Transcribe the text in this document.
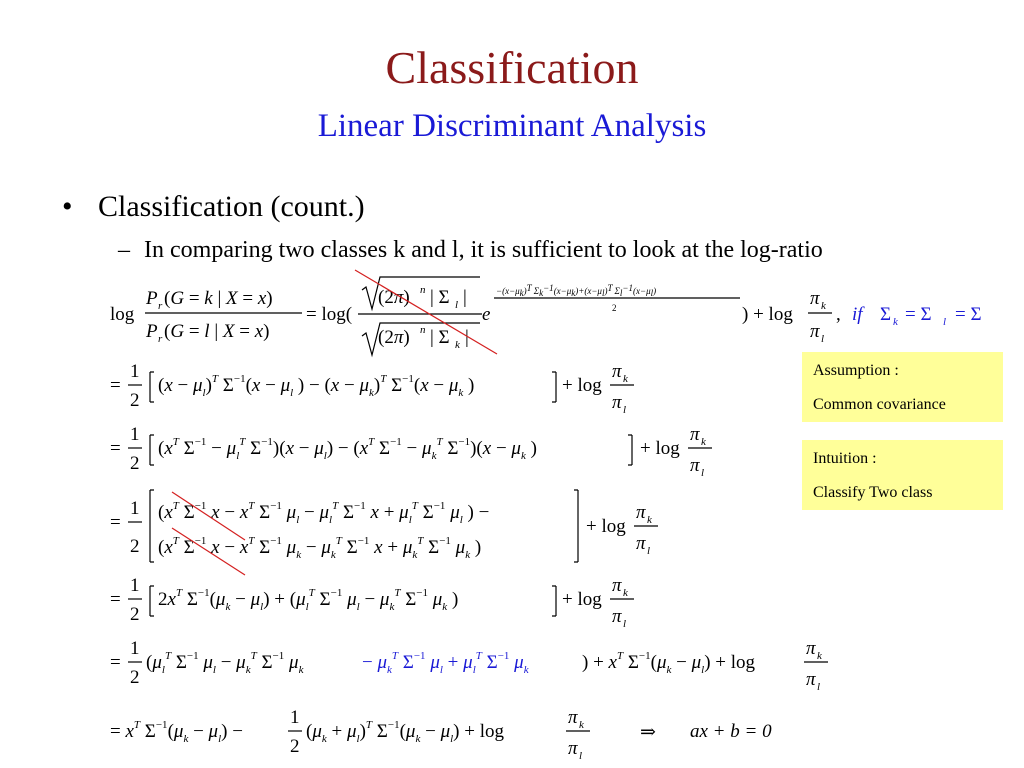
Classification
Linear Discriminant Analysis
• Classification (count.)
– In comparing two classes k and l, it is sufficient to look at the log-ratio
Assumption :
Common covariance
Intuition :
Classify Two class
log
P r (G = k | X = x)
P r (G = l | X = x)
= log(
(2π) n | Σ l |
(2π) n | Σ k |
e
−(x−μk)T Σk−1(x−μk)+(x−μl)T Σl−1(x−μl)
2	) + log
π k
π l
, if Σ k = Σ l = Σ
=
1
2
$(x - \mu_l)^T$ $\Sigma^{-1}(x - \mu_l$ ) − $(x - \mu_k)^T$ $\Sigma^{-1}(x - \mu_k$ )	+ log
π k
π l
=
1
2
($x^T$ $\Sigma^{-1} - \mu_l^T$ $\Sigma^{-1})(x - \mu_l) - (x^T$ $\Sigma^{-1} - \mu_k^T$ $\Sigma^{-1})(x - \mu_k$ )	+ log
π k
π l
=
1
2
($x^T$ $\Sigma^{-1}$ $x - x^T$ $\Sigma^{-1}$ $\mu_l - \mu_l^T$ $\Sigma^{-1}$ $x + \mu_l^T$ $\Sigma^{-1}$ $\mu_l$ ) −
($x^T$ $\Sigma^{-1}$ $x - x^T$ $\Sigma^{-1}$ $\mu_k - \mu_k^T$ $\Sigma^{-1}$ $x + \mu_k^T$ $\Sigma^{-1}$ $\mu_k$ )
+ log
π k
π l
=
1
2
$2x^T$ $\Sigma^{-1}(\mu_k - \mu_l) + (\mu_l^T$ $\Sigma^{-1}$ $\mu_l - \mu_k^T$ $\Sigma^{-1}$ $\mu_k$ )	+ log
π k
π l
=
1
2
($\mu_l^T$ $\Sigma^{-1}$ $\mu_l - \mu_k^T$ $\Sigma^{-1}$ $\mu_k$	− $\mu_k^T$ $\Sigma^{-1}$ $\mu_l + \mu_l^T$ $\Sigma^{-1}$ $\mu_k$	) + $x^T$ $\Sigma^{-1}(\mu_k - \mu_l) + \log$
π k
π l
= $x^T$ $\Sigma^{-1}(\mu_k - \mu_l)$ −
1
2
$(\mu_k + \mu_l)^T$ $\Sigma^{-1}(\mu_k - \mu_l) + \log$
π k
π l
⇒ ax + b = 0
